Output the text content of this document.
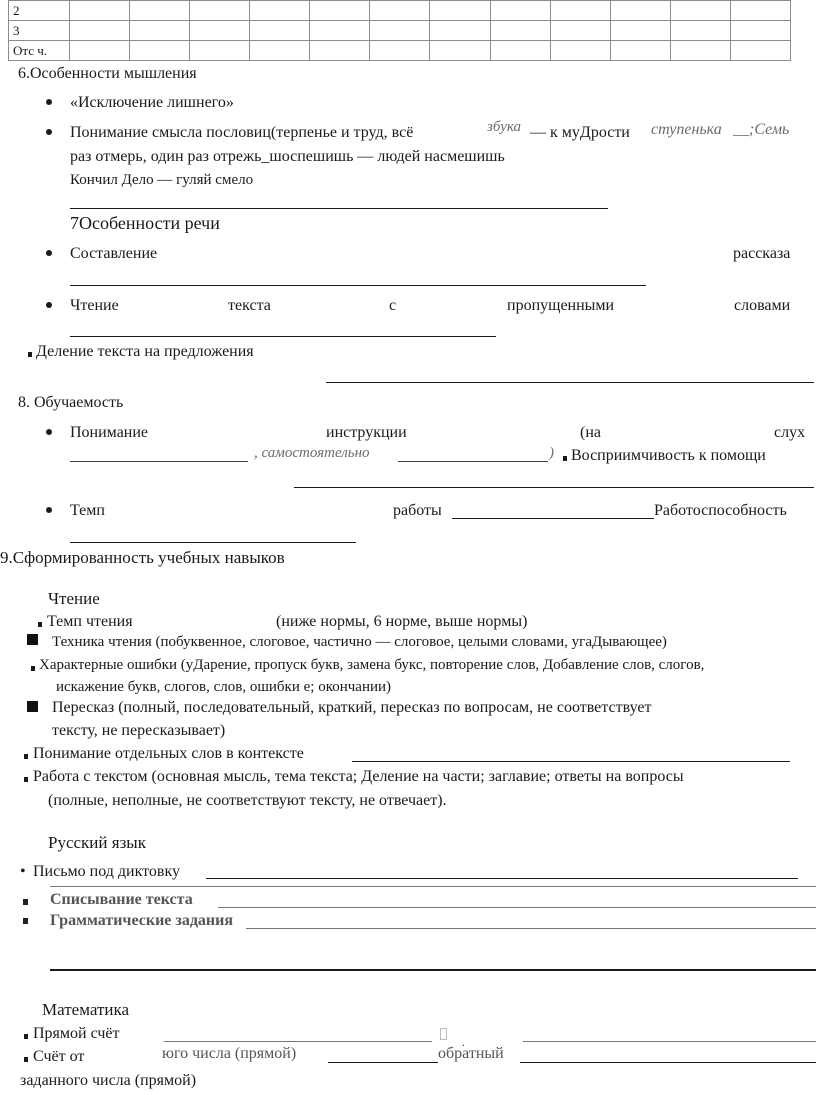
2												
3												
Отс ч.												
6.Особенности мышления
«Исключение лишнего»
Понимание смысла пословиц(терпенье и труд, всё	збука — к муДрости ступенька __;Семь
раз отмерь, один раз отрежь_шоспешишь — людей насмешишь
Кончил Дело — гуляй смело
7Особенности речи
Составление	рассказа
Чтение	текста	с	пропущенными	словами
Деление текста на предложения
8. Обучаемость
Понимание	инструкции	(на	слух
, самостоятельно	) Восприимчивость к помощи
Темп	работы	Работоспособность
9.Сформированность учебных навыков
Чтение
Темп чтения	(ниже нормы, 6 норме, выше нормы)
Техника чтения (побуквенное, слоговое, частично — слоговое, целыми словами, угаДывающее)
Характерные ошибки (уДарение, пропуск букв, замена букс, повторение слов, Добавление слов, слогов,
искажение букв, слогов, слов, ошибки е; окончании)
Пересказ (полный, последовательный, краткий, пересказ по вопросам, не соответствует
тексту, не пересказывает)
Понимание отдельных слов в контексте
Работа с текстом (основная мысль, тема текста; Деление на части; заглавие; ответы на вопросы
(полные, неполные, не соответствуют тексту, не отвечает).
Русский язык
• Письмо под диктовку
Списывание текста
Грамматические задания
Математика
Прямой счёт	.
Счёт от	юго числа (прямой)	обратный
заданного числа (прямой)
